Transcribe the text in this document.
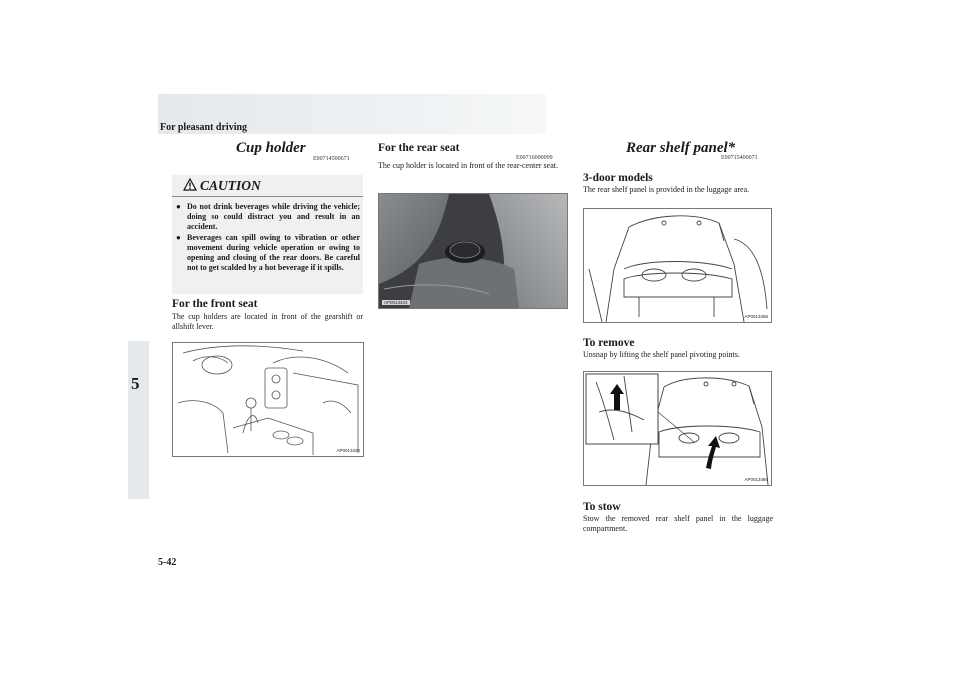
For pleasant driving
5
5-42
Cup holder
E00714500671
CAUTION
● Do not drink beverages while driving the vehicle; doing so could distract you and result in an accident.
● Beverages can spill owing to vibration or other movement during vehicle operation or owing to opening and closing of the rear doors. Be careful not to get scalded by a hot beverage if it spills.
For the front seat
The cup holders are located in front of the gearshift or allshift lever.
AP0013430
For the rear seat
E00716000099
The cup holder is located in front of the rear-center seat.
AP0013424
Rear shelf panel*
E00715400071
3-door models
The rear shelf panel is provided in the luggage area.
AP0013456
To remove
Unsnap by lifting the shelf panel pivoting points.
AP0013460
To stow
Stow the removed rear shelf panel in the luggage compartment.
